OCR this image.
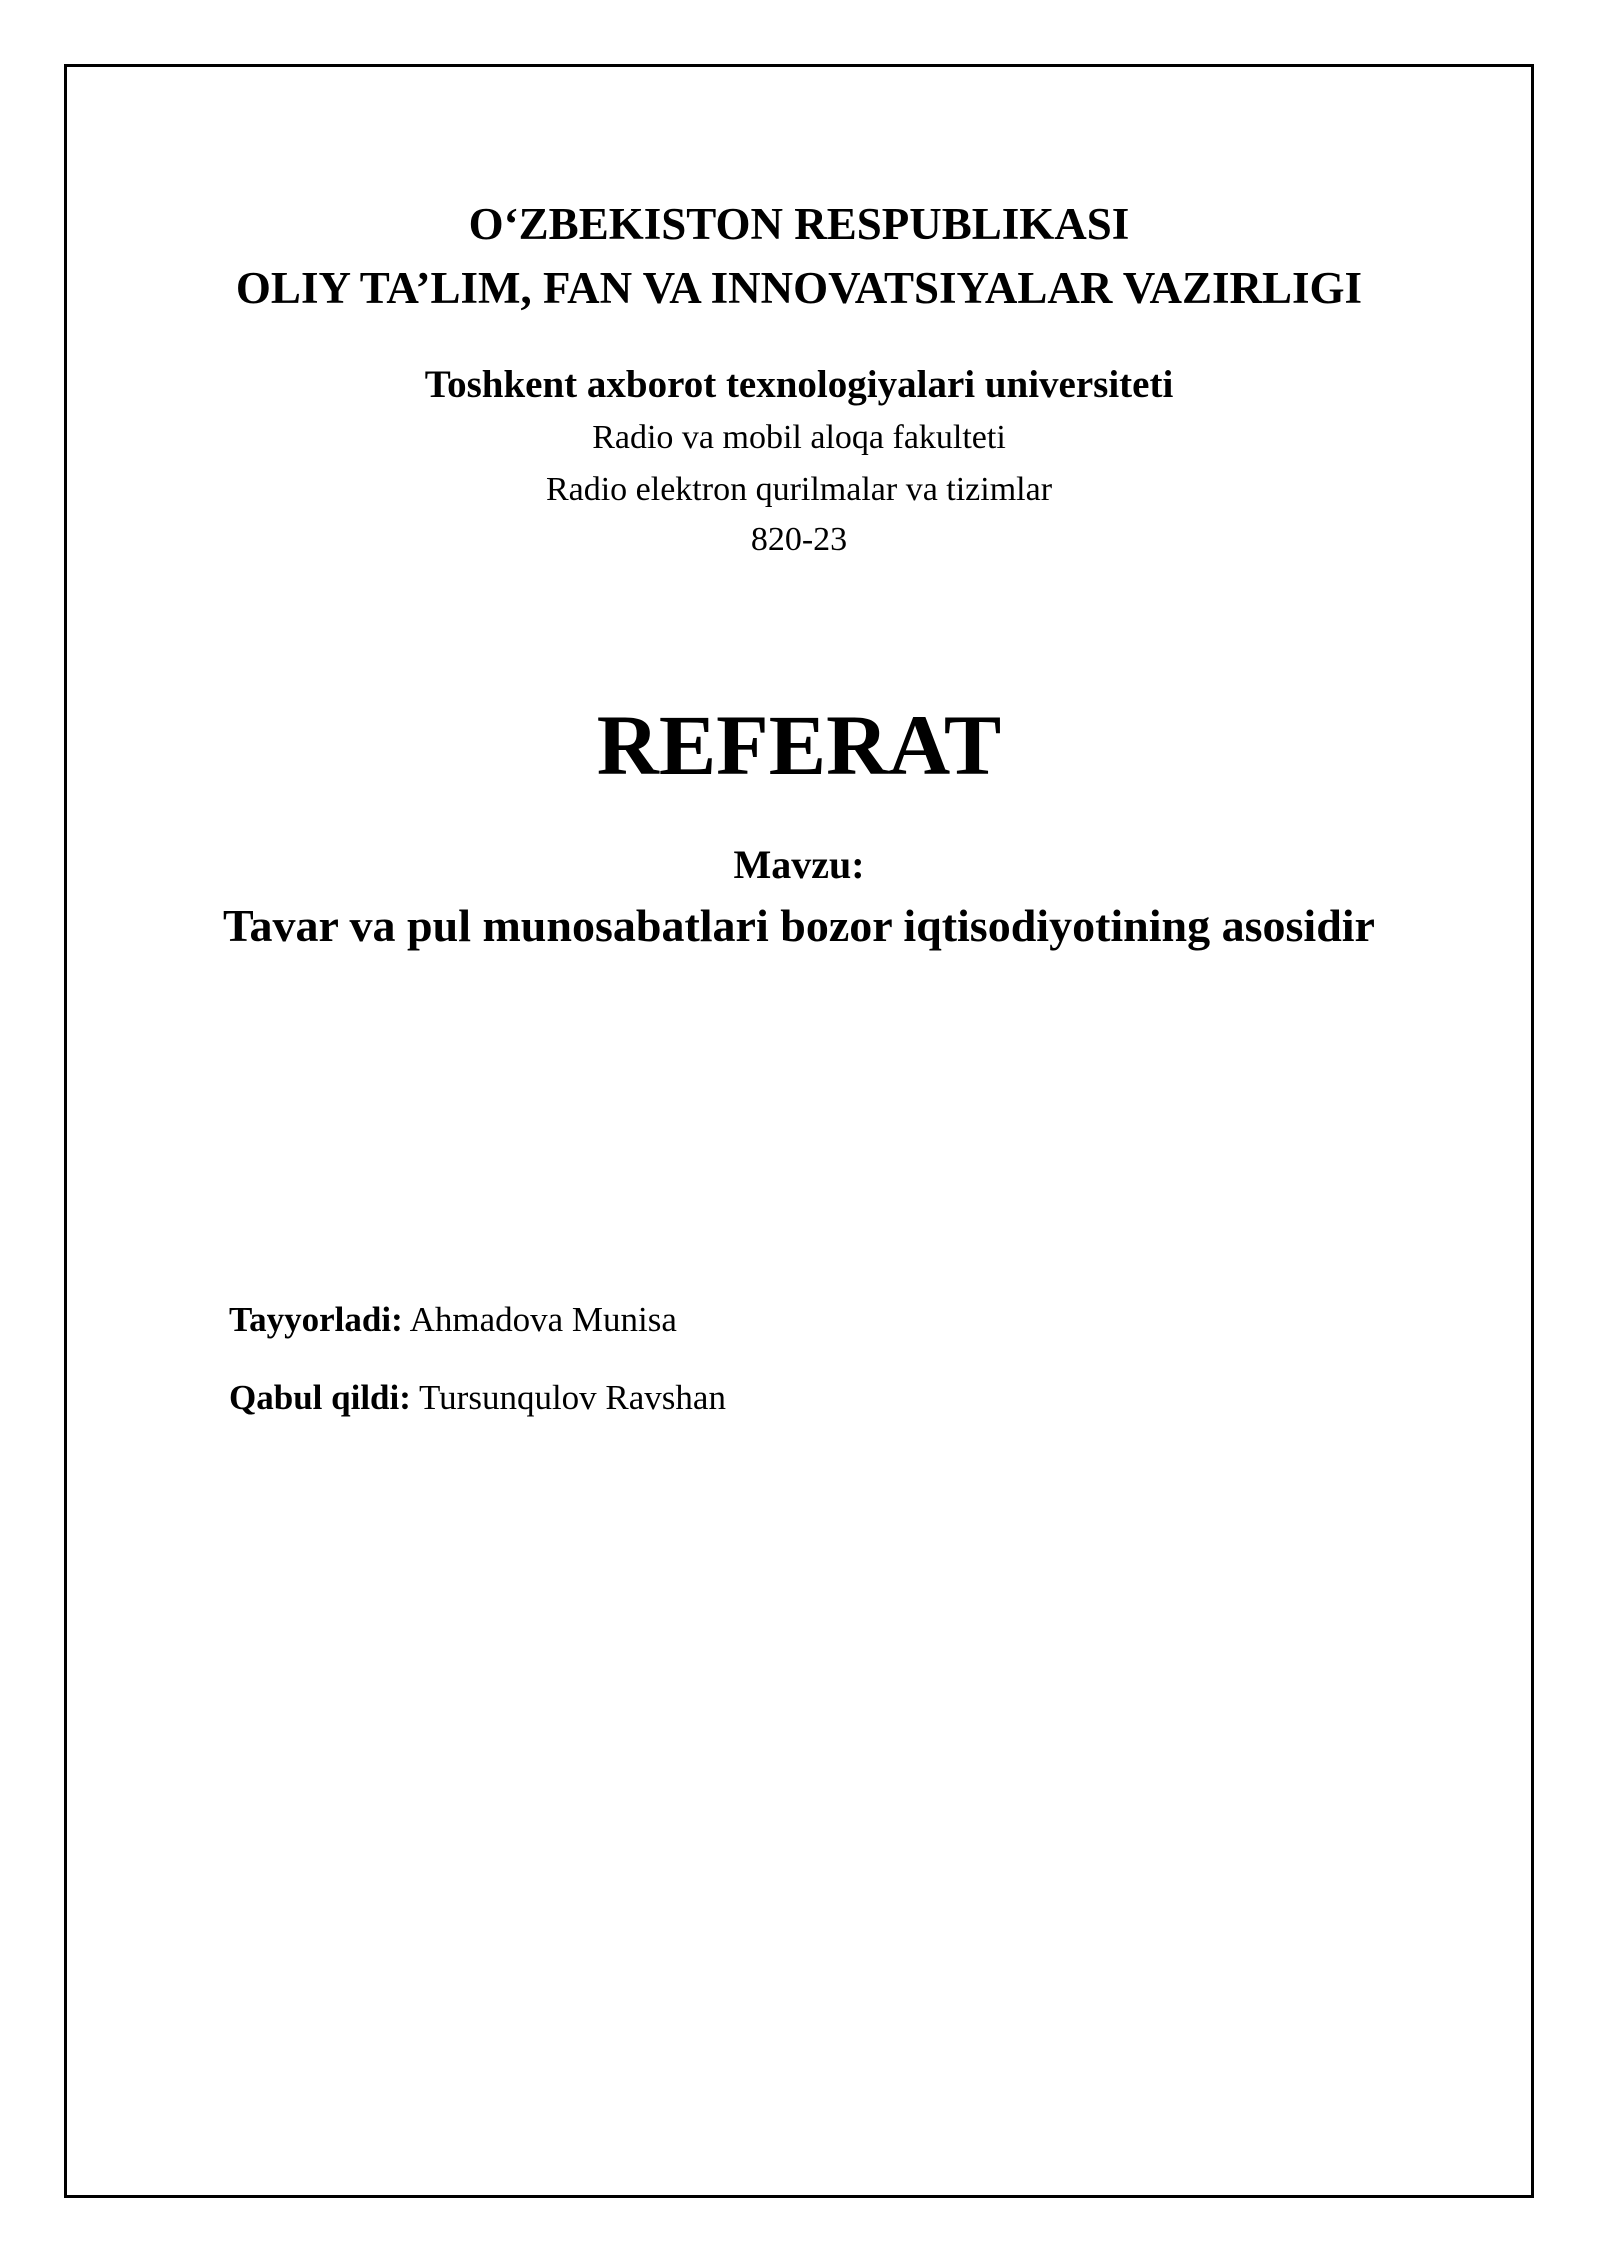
O‘ZBEKISTON RESPUBLIKASI
OLIY TA’LIM, FAN VA INNOVATSIYALAR VAZIRLIGI
Toshkent axborot texnologiyalari universiteti
Radio va mobil aloqa fakulteti
Radio elektron qurilmalar va tizimlar
820-23
REFERAT
Mavzu:
Tavar va pul munosabatlari bozor iqtisodiyotining asosidir
Tayyorladi: Ahmadova Munisa
Qabul qildi: Tursunqulov Ravshan
